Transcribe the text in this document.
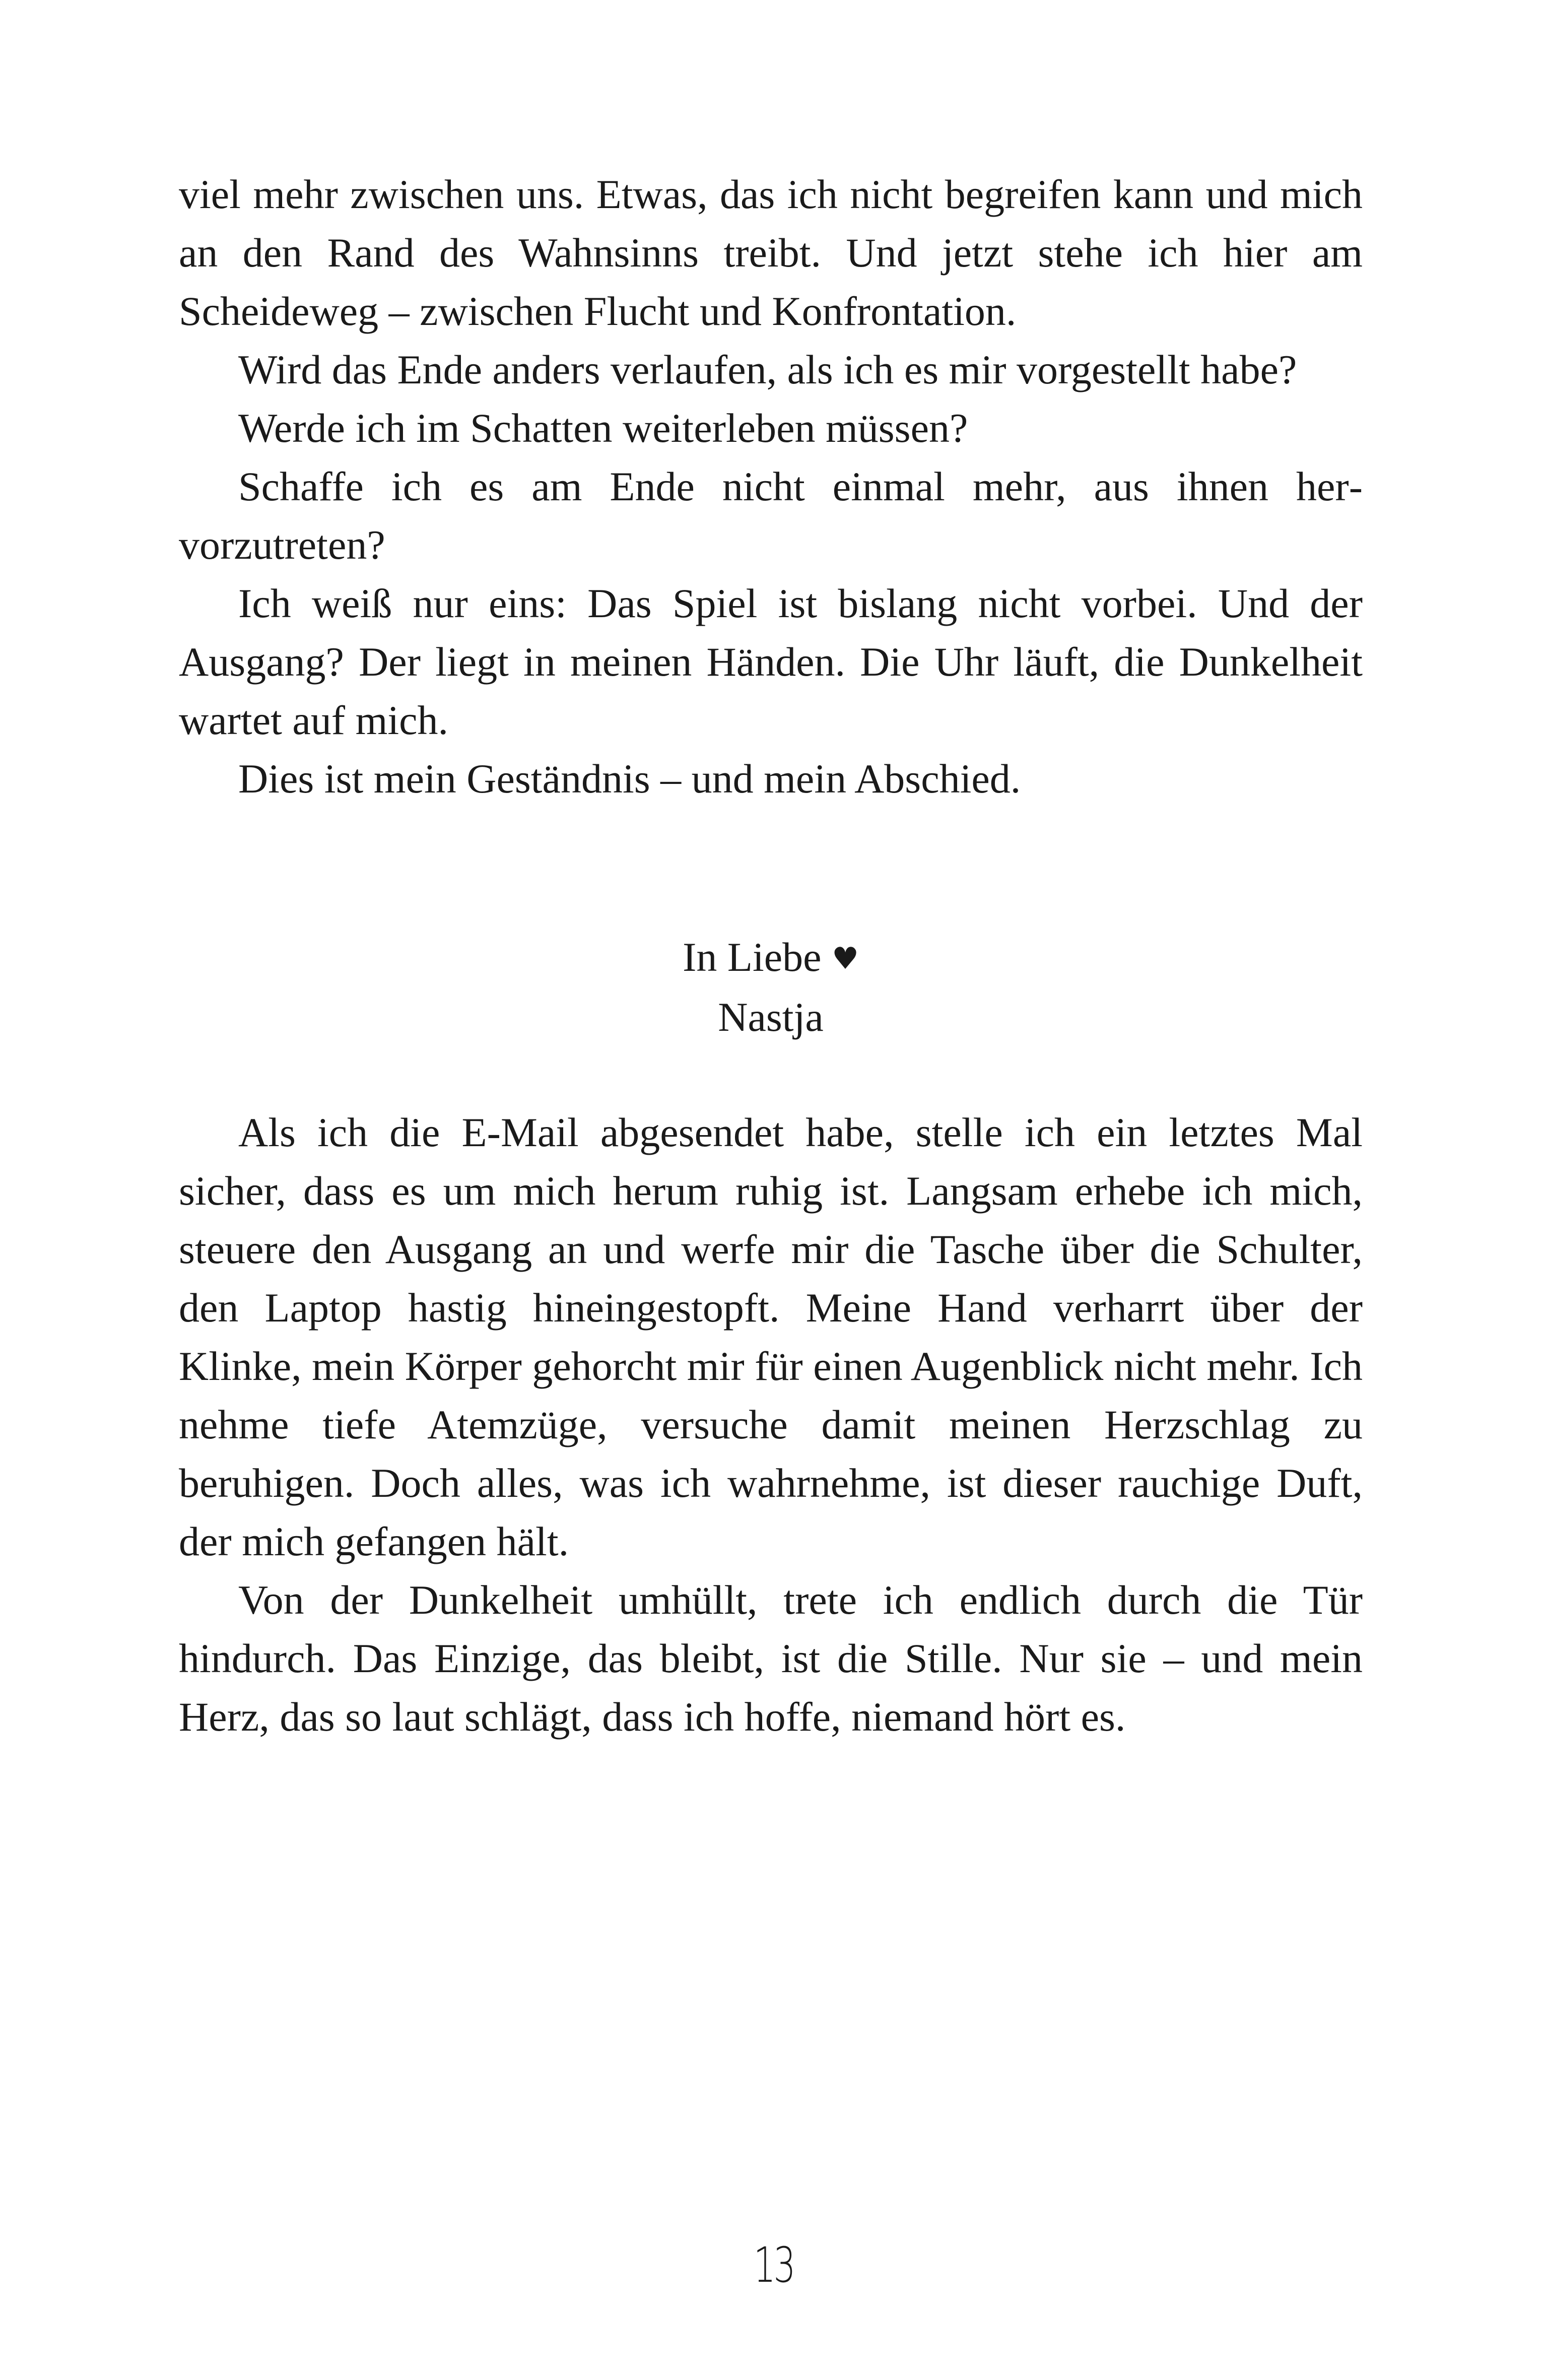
viel mehr zwischen uns. Etwas, das ich nicht begreifen kann und mich an den Rand des Wahnsinns treibt. Und jetzt stehe ich hier am Scheideweg – zwischen Flucht und Konfrontation.

Wird das Ende anders verlaufen, als ich es mir vorgestellt habe?

Werde ich im Schatten weiterleben müssen?

Schaffe ich es am Ende nicht einmal mehr, aus ihnen hervorzutreten?

Ich weiß nur eins: Das Spiel ist bislang nicht vorbei. Und der Ausgang? Der liegt in meinen Händen. Die Uhr läuft, die Dunkelheit wartet auf mich.

Dies ist mein Geständnis – und mein Abschied.

In Liebe ♥
Nastja

Als ich die E-Mail abgesendet habe, stelle ich ein letztes Mal sicher, dass es um mich herum ruhig ist. Langsam erhebe ich mich, steuere den Ausgang an und werfe mir die Tasche über die Schulter, den Laptop hastig hineingestopft. Meine Hand verharrt über der Klinke, mein Körper gehorcht mir für einen Augenblick nicht mehr. Ich nehme tiefe Atemzüge, versuche damit meinen Herzschlag zu beruhigen. Doch alles, was ich wahrnehme, ist dieser rauchige Duft, der mich gefangen hält.

Von der Dunkelheit umhüllt, trete ich endlich durch die Tür hindurch. Das Einzige, das bleibt, ist die Stille. Nur sie – und mein Herz, das so laut schlägt, dass ich hoffe, niemand hört es.

13
